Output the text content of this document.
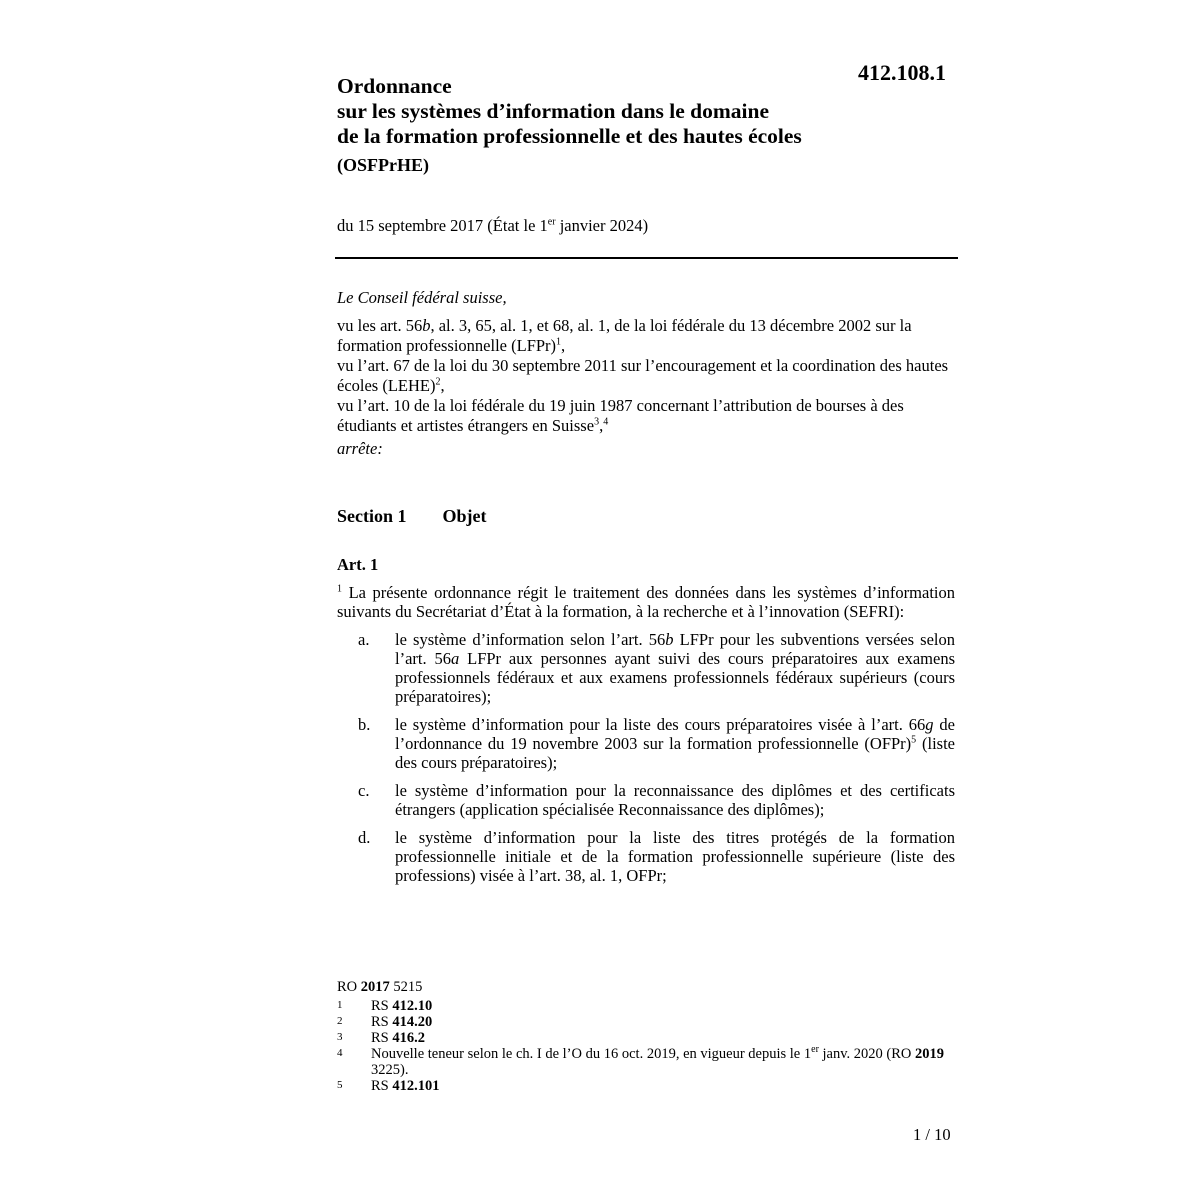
412.108.1
Ordonnance
sur les systèmes d’information dans le domaine
de la formation professionnelle et des hautes écoles
(OSFPrHE)
du 15 septembre 2017 (État le 1er janvier 2024)
Le Conseil fédéral suisse,
vu les art. 56b, al. 3, 65, al. 1, et 68, al. 1, de la loi fédérale du 13 décembre 2002 sur la formation professionnelle (LFPr)$^1$,
vu l’art. 67 de la loi du 30 septembre 2011 sur l’encouragement et la coordination des hautes écoles (LEHE)$^2$,
vu l’art. 10 de la loi fédérale du 19 juin 1987 concernant l’attribution de bourses à des étudiants et artistes étrangers en Suisse$^3$,$^4$
arrête:
Section 1 Objet
Art. 1
$^1$ La présente ordonnance régit le traitement des données dans les systèmes d’information suivants du Secrétariat d’État à la formation, à la recherche et à l’innovation (SEFRI):
a.	le système d’information selon l’art. 56b LFPr pour les subventions versées selon l’art. 56a LFPr aux personnes ayant suivi des cours préparatoires aux examens professionnels fédéraux et aux examens professionnels fédéraux supérieurs (cours préparatoires);
b.	le système d’information pour la liste des cours préparatoires visée à l’art. 66g de l’ordonnance du 19 novembre 2003 sur la formation professionnelle (OFPr)$^5$ (liste des cours préparatoires);
c.	le système d’information pour la reconnaissance des diplômes et des certificats étrangers (application spécialisée Reconnaissance des diplômes);
d.	le système d’information pour la liste des titres protégés de la formation professionnelle initiale et de la formation professionnelle supérieure (liste des professions) visée à l’art. 38, al. 1, OFPr;
RO 2017 5215
1	RS 412.10
2	RS 414.20
3	RS 416.2
4	Nouvelle teneur selon le ch. I de l’O du 16 oct. 2019, en vigueur depuis le 1er janv. 2020 (RO 2019 3225).
5	RS 412.101
1 / 10
